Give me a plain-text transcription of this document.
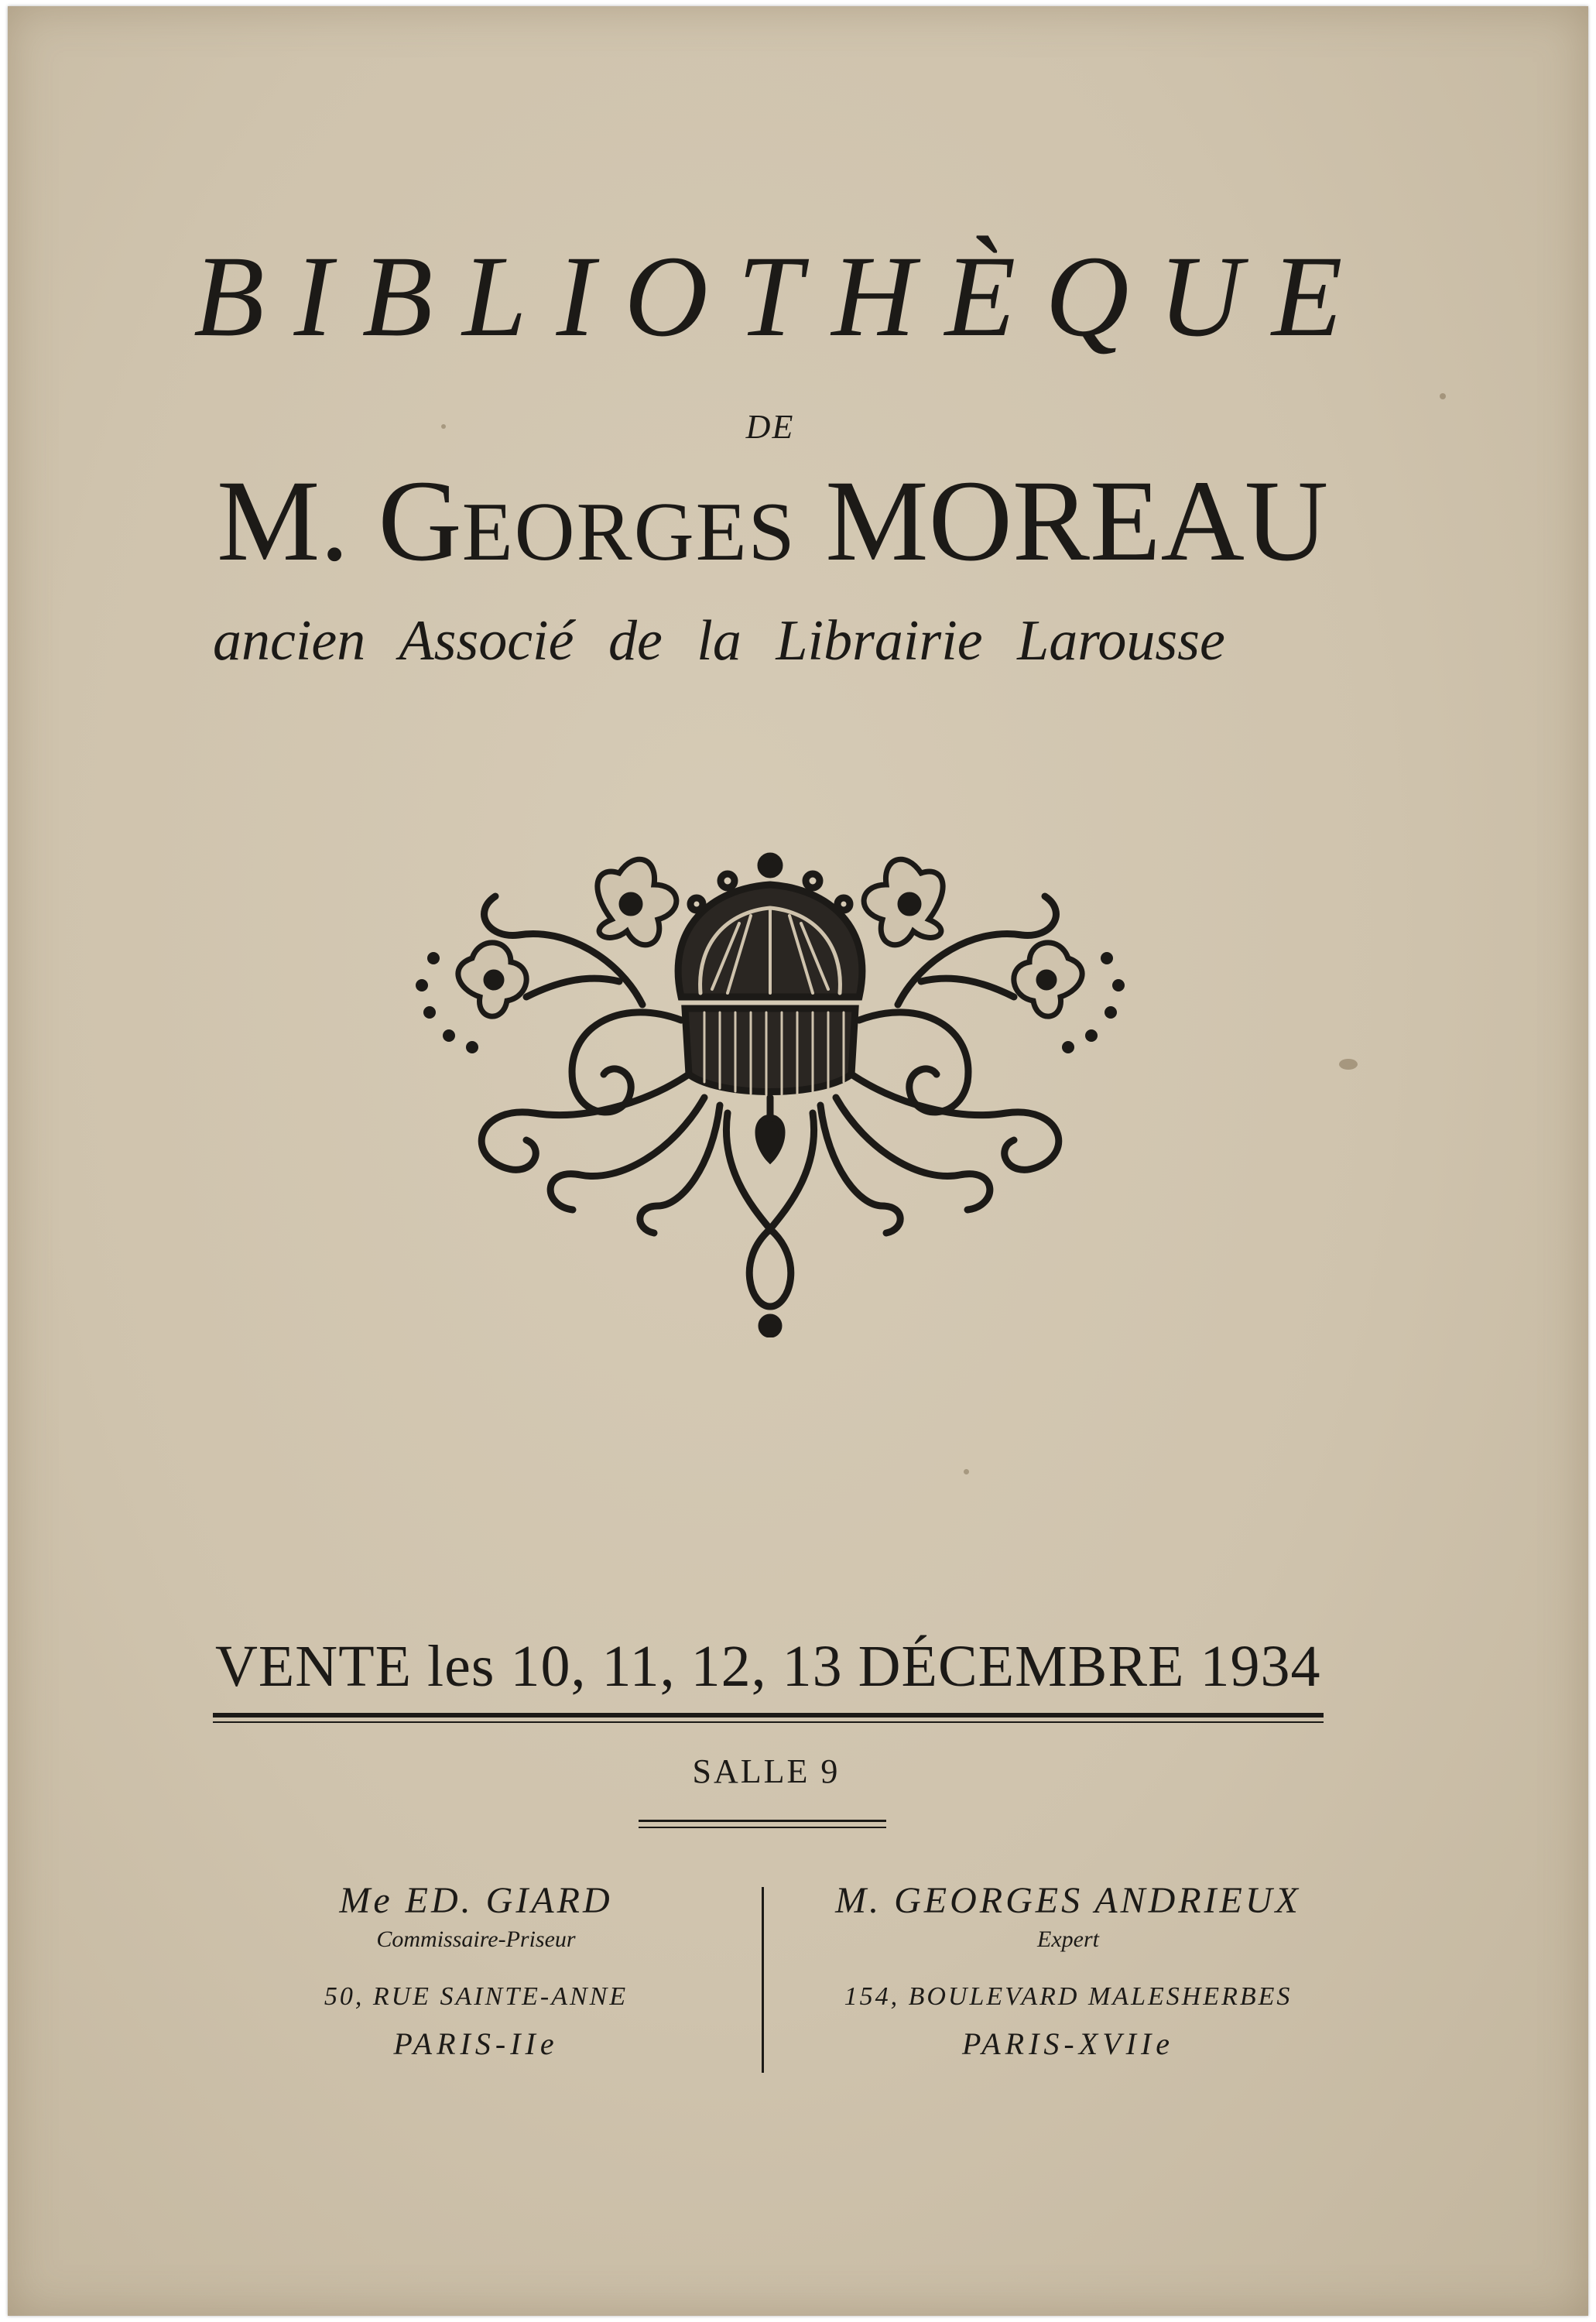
BIBLIOTHÈQUE
DE
M. GEORGES MOREAU
ancien Associé de la Librairie Larousse
VENTE les 10, 11, 12, 13 DÉCEMBRE 1934
SALLE 9
Me ED. GIARD
Commissaire-Priseur
50, RUE SAINTE-ANNE
PARIS-IIe
M. GEORGES ANDRIEUX
Expert
154, BOULEVARD MALESHERBES
PARIS-XVIIe
